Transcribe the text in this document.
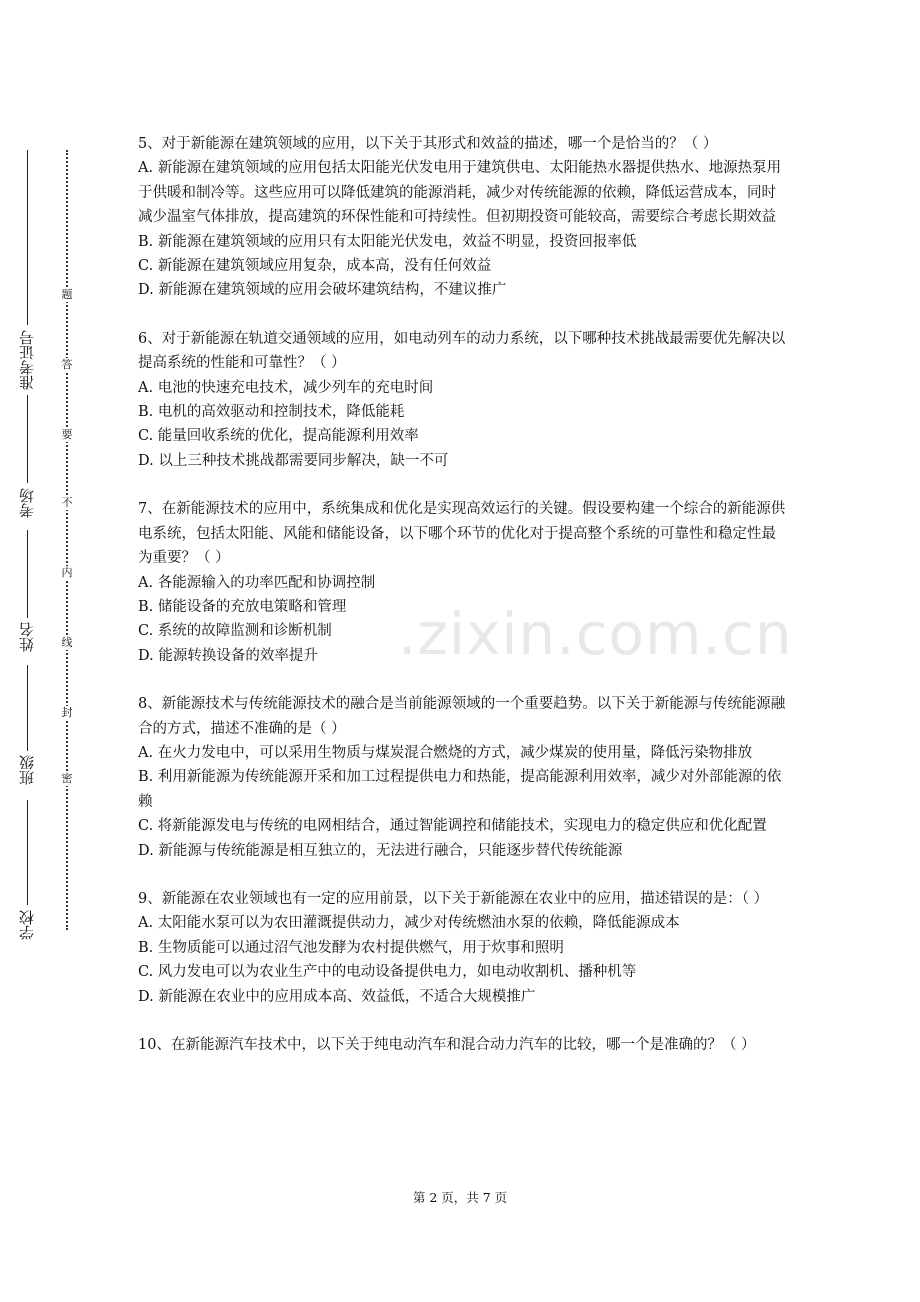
准考证号
考场
姓名
班级
学校
密
封
线
内
不
要
答
题

5、对于新能源在建筑领域的应用，以下关于其形式和效益的描述，哪一个是恰当的？（ ）

A. 新能源在建筑领域的应用包括太阳能光伏发电用于建筑供电、太阳能热水器提供热水、地源热泵用于供暖和制冷等。这些应用可以降低建筑的能源消耗，减少对传统能源的依赖，降低运营成本，同时减少温室气体排放，提高建筑的环保性能和可持续性。但初期投资可能较高，需要综合考虑长期效益

B. 新能源在建筑领域的应用只有太阳能光伏发电，效益不明显，投资回报率低

C. 新能源在建筑领域应用复杂，成本高，没有任何效益

D. 新能源在建筑领域的应用会破坏建筑结构，不建议推广

6、对于新能源在轨道交通领域的应用，如电动列车的动力系统，以下哪种技术挑战最需要优先解决以提高系统的性能和可靠性？（ ）

A. 电池的快速充电技术，减少列车的充电时间

B. 电机的高效驱动和控制技术，降低能耗

C. 能量回收系统的优化，提高能源利用效率

D. 以上三种技术挑战都需要同步解决，缺一不可

7、在新能源技术的应用中，系统集成和优化是实现高效运行的关键。假设要构建一个综合的新能源供电系统，包括太阳能、风能和储能设备，以下哪个环节的优化对于提高整个系统的可靠性和稳定性最为重要？（ ）

A. 各能源输入的功率匹配和协调控制

B. 储能设备的充放电策略和管理

C. 系统的故障监测和诊断机制

D. 能源转换设备的效率提升

8、新能源技术与传统能源技术的融合是当前能源领域的一个重要趋势。以下关于新能源与传统能源融合的方式，描述不准确的是（ ）

A. 在火力发电中，可以采用生物质与煤炭混合燃烧的方式，减少煤炭的使用量，降低污染物排放

B. 利用新能源为传统能源开采和加工过程提供电力和热能，提高能源利用效率，减少对外部能源的依赖

C. 将新能源发电与传统的电网相结合，通过智能调控和储能技术，实现电力的稳定供应和优化配置

D. 新能源与传统能源是相互独立的，无法进行融合，只能逐步替代传统能源

9、新能源在农业领域也有一定的应用前景，以下关于新能源在农业中的应用，描述错误的是：（ ）

A. 太阳能水泵可以为农田灌溉提供动力，减少对传统燃油水泵的依赖，降低能源成本

B. 生物质能可以通过沼气池发酵为农村提供燃气，用于炊事和照明

C. 风力发电可以为农业生产中的电动设备提供电力，如电动收割机、播种机等

D. 新能源在农业中的应用成本高、效益低，不适合大规模推广

10、在新能源汽车技术中，以下关于纯电动汽车和混合动力汽车的比较，哪一个是准确的？（ ）

.zixin.com.cn
第 2 页，共 7 页
